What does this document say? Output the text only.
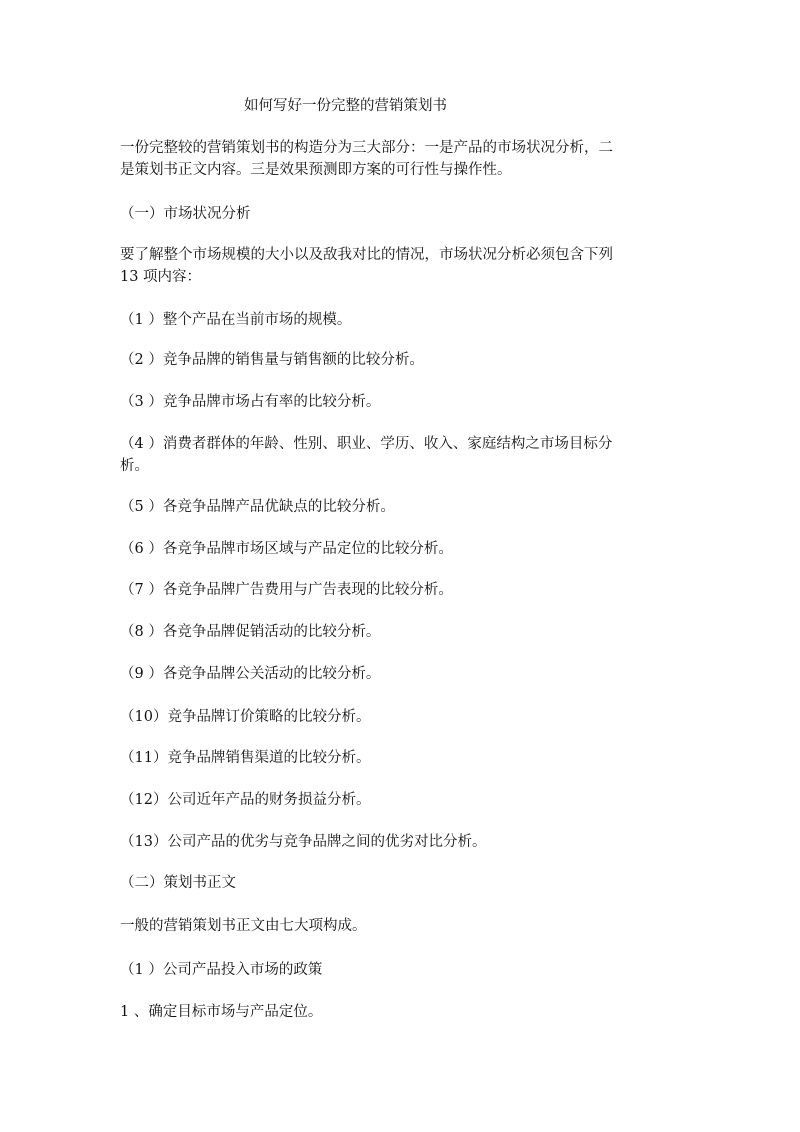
如何写好一份完整的营销策划书

一份完整较的营销策划书的构造分为三大部分：一是产品的市场状况分析，二

是策划书正文内容。三是效果预测即方案的可行性与操作性。

（一）市场状况分析

要了解整个市场规模的大小以及敌我对比的情况，市场状况分析必须包含下列

13 项内容：

（1 ）整个产品在当前市场的规模。

（2 ）竞争品牌的销售量与销售额的比较分析。

（3 ）竞争品牌市场占有率的比较分析。

（4 ）消费者群体的年龄、性别、职业、学历、收入、家庭结构之市场目标分

析。

（5 ）各竞争品牌产品优缺点的比较分析。

（6 ）各竞争品牌市场区域与产品定位的比较分析。

（7 ）各竞争品牌广告费用与广告表现的比较分析。

（8 ）各竞争品牌促销活动的比较分析。

（9 ）各竞争品牌公关活动的比较分析。

（10）竞争品牌订价策略的比较分析。

（11）竞争品牌销售渠道的比较分析。

（12）公司近年产品的财务损益分析。

（13）公司产品的优劣与竞争品牌之间的优劣对比分析。

（二）策划书正文

一般的营销策划书正文由七大项构成。

（1 ）公司产品投入市场的政策

1 、确定目标市场与产品定位。
